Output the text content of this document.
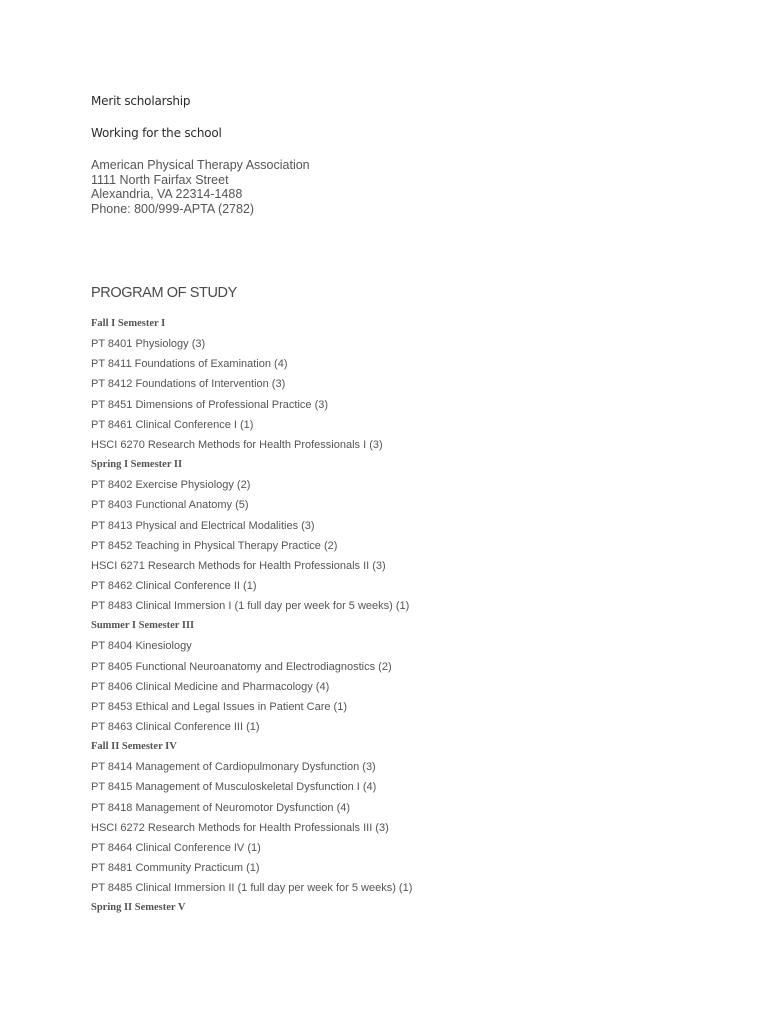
Merit scholarship
Working for the school
American Physical Therapy Association
1111 North Fairfax Street
Alexandria, VA 22314-1488
Phone: 800/999-APTA (2782)
PROGRAM OF STUDY
Fall I Semester I
PT 8401 Physiology (3)
PT 8411 Foundations of Examination (4)
PT 8412 Foundations of Intervention (3)
PT 8451 Dimensions of Professional Practice (3)
PT 8461 Clinical Conference I (1)
HSCI 6270 Research Methods for Health Professionals I (3)
Spring I Semester II
PT 8402 Exercise Physiology (2)
PT 8403 Functional Anatomy (5)
PT 8413 Physical and Electrical Modalities (3)
PT 8452 Teaching in Physical Therapy Practice (2)
HSCI 6271 Research Methods for Health Professionals II (3)
PT 8462 Clinical Conference II (1)
PT 8483 Clinical Immersion I (1 full day per week for 5 weeks) (1)
Summer I Semester III
PT 8404 Kinesiology
PT 8405 Functional Neuroanatomy and Electrodiagnostics (2)
PT 8406 Clinical Medicine and Pharmacology (4)
PT 8453 Ethical and Legal Issues in Patient Care (1)
PT 8463 Clinical Conference III (1)
Fall II Semester IV
PT 8414 Management of Cardiopulmonary Dysfunction (3)
PT 8415 Management of Musculoskeletal Dysfunction I (4)
PT 8418 Management of Neuromotor Dysfunction (4)
HSCI 6272 Research Methods for Health Professionals III (3)
PT 8464 Clinical Conference IV (1)
PT 8481 Community Practicum (1)
PT 8485 Clinical Immersion II (1 full day per week for 5 weeks) (1)
Spring II Semester V
